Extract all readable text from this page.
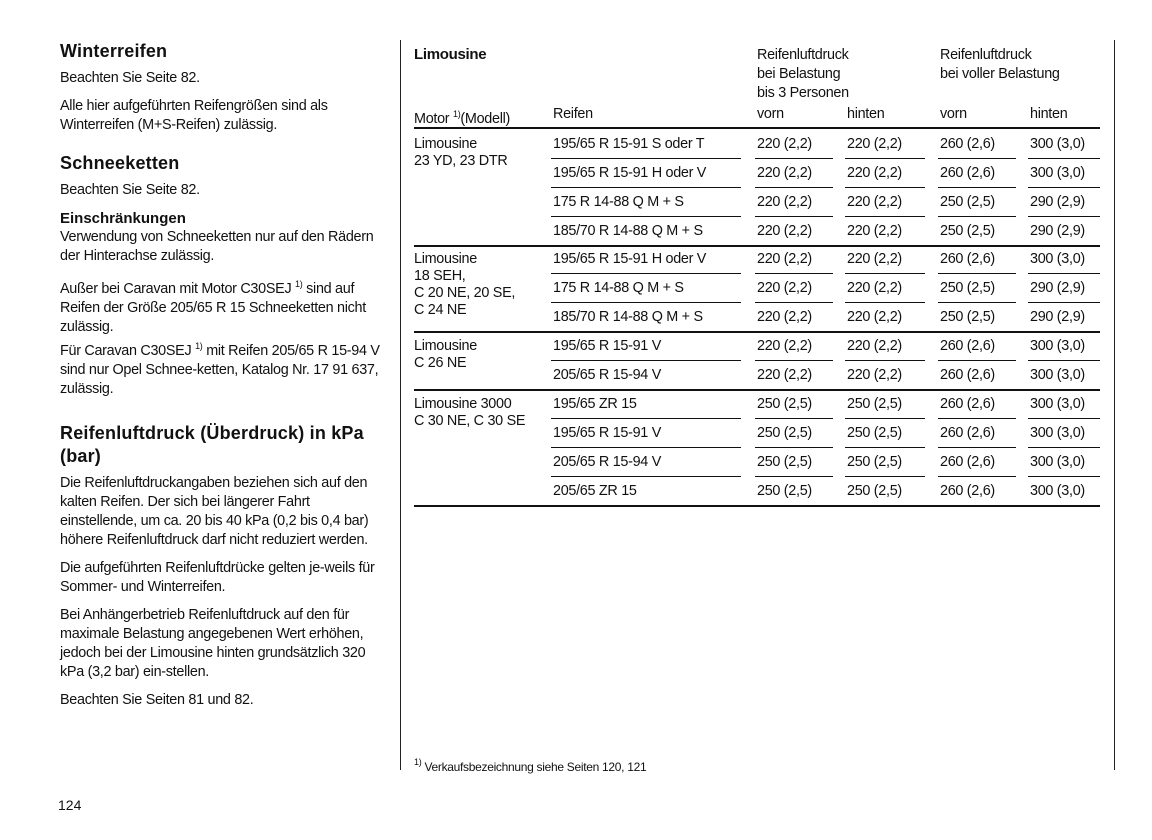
Winterreifen

Beachten Sie Seite 82.

Alle hier aufgeführten Reifengrößen sind als Winterreifen (M+S-Reifen) zulässig.

Schneeketten

Beachten Sie Seite 82.

Einschränkungen

Verwendung von Schneeketten nur auf den Rädern der Hinterachse zulässig.

Außer bei Caravan mit Motor C30SEJ $^{1)}$ sind auf Reifen der Größe 205/65 R 15 Schneeketten nicht zulässig.

Für Caravan C30SEJ $^{1)}$ mit Reifen 205/65 R 15-94 V sind nur Opel Schnee-ketten, Katalog Nr. 17 91 637, zulässig.

Reifenluftdruck (Überdruck) in kPa (bar)

Die Reifenluftdruckangaben beziehen sich auf den kalten Reifen. Der sich bei längerer Fahrt einstellende, um ca. 20 bis 40 kPa (0,2 bis 0,4 bar) höhere Reifenluftdruck darf nicht reduziert werden.

Die aufgeführten Reifenluftdrücke gelten je-weils für Sommer- und Winterreifen.

Bei Anhängerbetrieb Reifenluftdruck auf den für maximale Belastung angegebenen Wert erhöhen, jedoch bei der Limousine hinten grundsätzlich 320 kPa (3,2 bar) ein-stellen.

Beachten Sie Seiten 81 und 82.

Limousine	Reifenluftdruck
bei Belastung
bis 3 Personen
Reifenluftdruck
bei voller Belastung
Motor $^{1)}$(Modell)	Reifen	vorn	hinten	vorn	hinten
Limousine
23 YD, 23 DTR
195/65 R 15-91 S oder T	220 (2,2) 220 (2,2)	260 (2,6) 300 (3,0)
195/65 R 15-91 H oder V	220 (2,2) 220 (2,2)	260 (2,6) 300 (3,0)
175 R 14-88 Q M + S	220 (2,2) 220 (2,2)	250 (2,5) 290 (2,9)
185/70 R 14-88 Q M + S	220 (2,2) 220 (2,2)	250 (2,5) 290 (2,9)
Limousine
18 SEH,
C 20 NE, 20 SE,
C 24 NE
195/65 R 15-91 H oder V	220 (2,2) 220 (2,2)	260 (2,6) 300 (3,0)
175 R 14-88 Q M + S	220 (2,2) 220 (2,2)	250 (2,5) 290 (2,9)
185/70 R 14-88 Q M + S	220 (2,2) 220 (2,2)	250 (2,5) 290 (2,9)
Limousine
C 26 NE
195/65 R 15-91 V	220 (2,2) 220 (2,2)	260 (2,6) 300 (3,0)
205/65 R 15-94 V	220 (2,2) 220 (2,2)	260 (2,6) 300 (3,0)
Limousine 3000
C 30 NE, C 30 SE
195/65 ZR 15	250 (2,5) 250 (2,5)	260 (2,6) 300 (3,0)
195/65 R 15-91 V	250 (2,5) 250 (2,5)	260 (2,6) 300 (3,0)
205/65 R 15-94 V	250 (2,5) 250 (2,5)	260 (2,6) 300 (3,0)
205/65 ZR 15	250 (2,5) 250 (2,5)	260 (2,6) 300 (3,0)
$^{1)}$ Verkaufsbezeichnung siehe Seiten 120, 121
124
